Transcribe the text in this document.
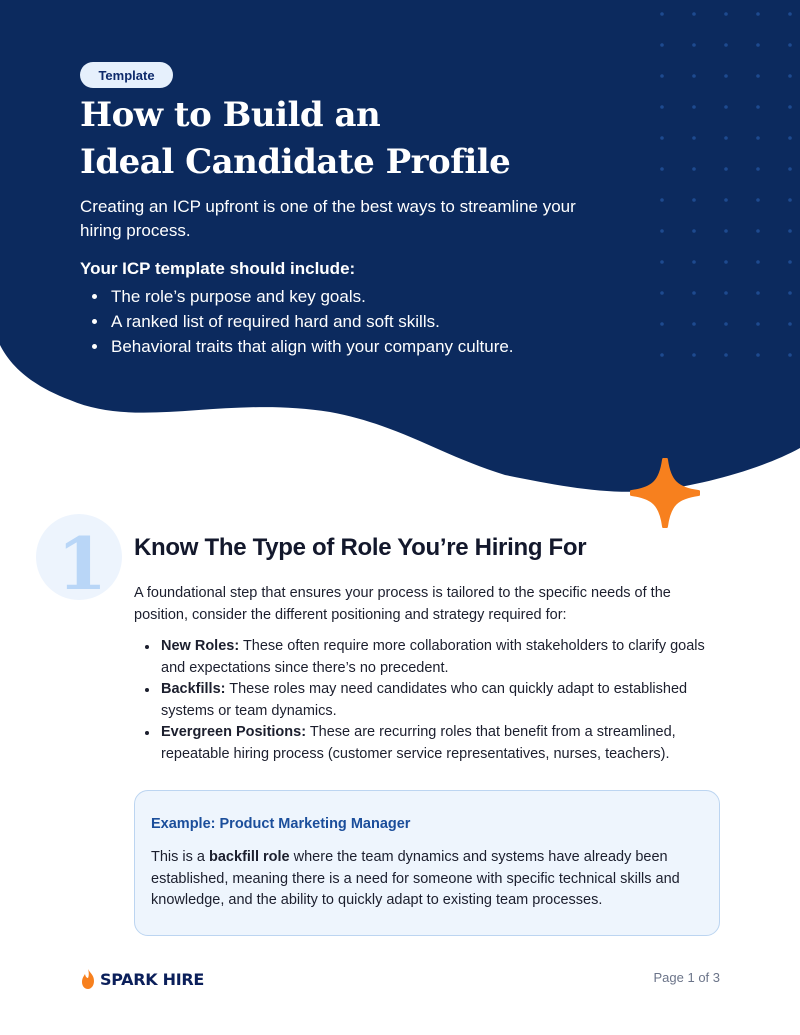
Template
How to Build an
Ideal Candidate Profile

Creating an ICP upfront is one of the best ways to streamline your hiring process.

Your ICP template should include:
The role’s purpose and key goals.
A ranked list of required hard and soft skills.
Behavioral traits that align with your company culture.
1 Know The Type of Role You’re Hiring For

A foundational step that ensures your process is tailored to the specific needs of the position, consider the different positioning and strategy required for:

New Roles: These often require more collaboration with stakeholders to clarify goals and expectations since there’s no precedent.
Backfills: These roles may need candidates who can quickly adapt to established systems or team dynamics.
Evergreen Positions: These are recurring roles that benefit from a streamlined, repeatable hiring process (customer service representatives, nurses, teachers).
Example: Product Marketing Manager

This is a backfill role where the team dynamics and systems have already been established, meaning there is a need for someone with specific technical skills and knowledge, and the ability to quickly adapt to existing team processes.

SPARK HIRE	Page 1 of 3
